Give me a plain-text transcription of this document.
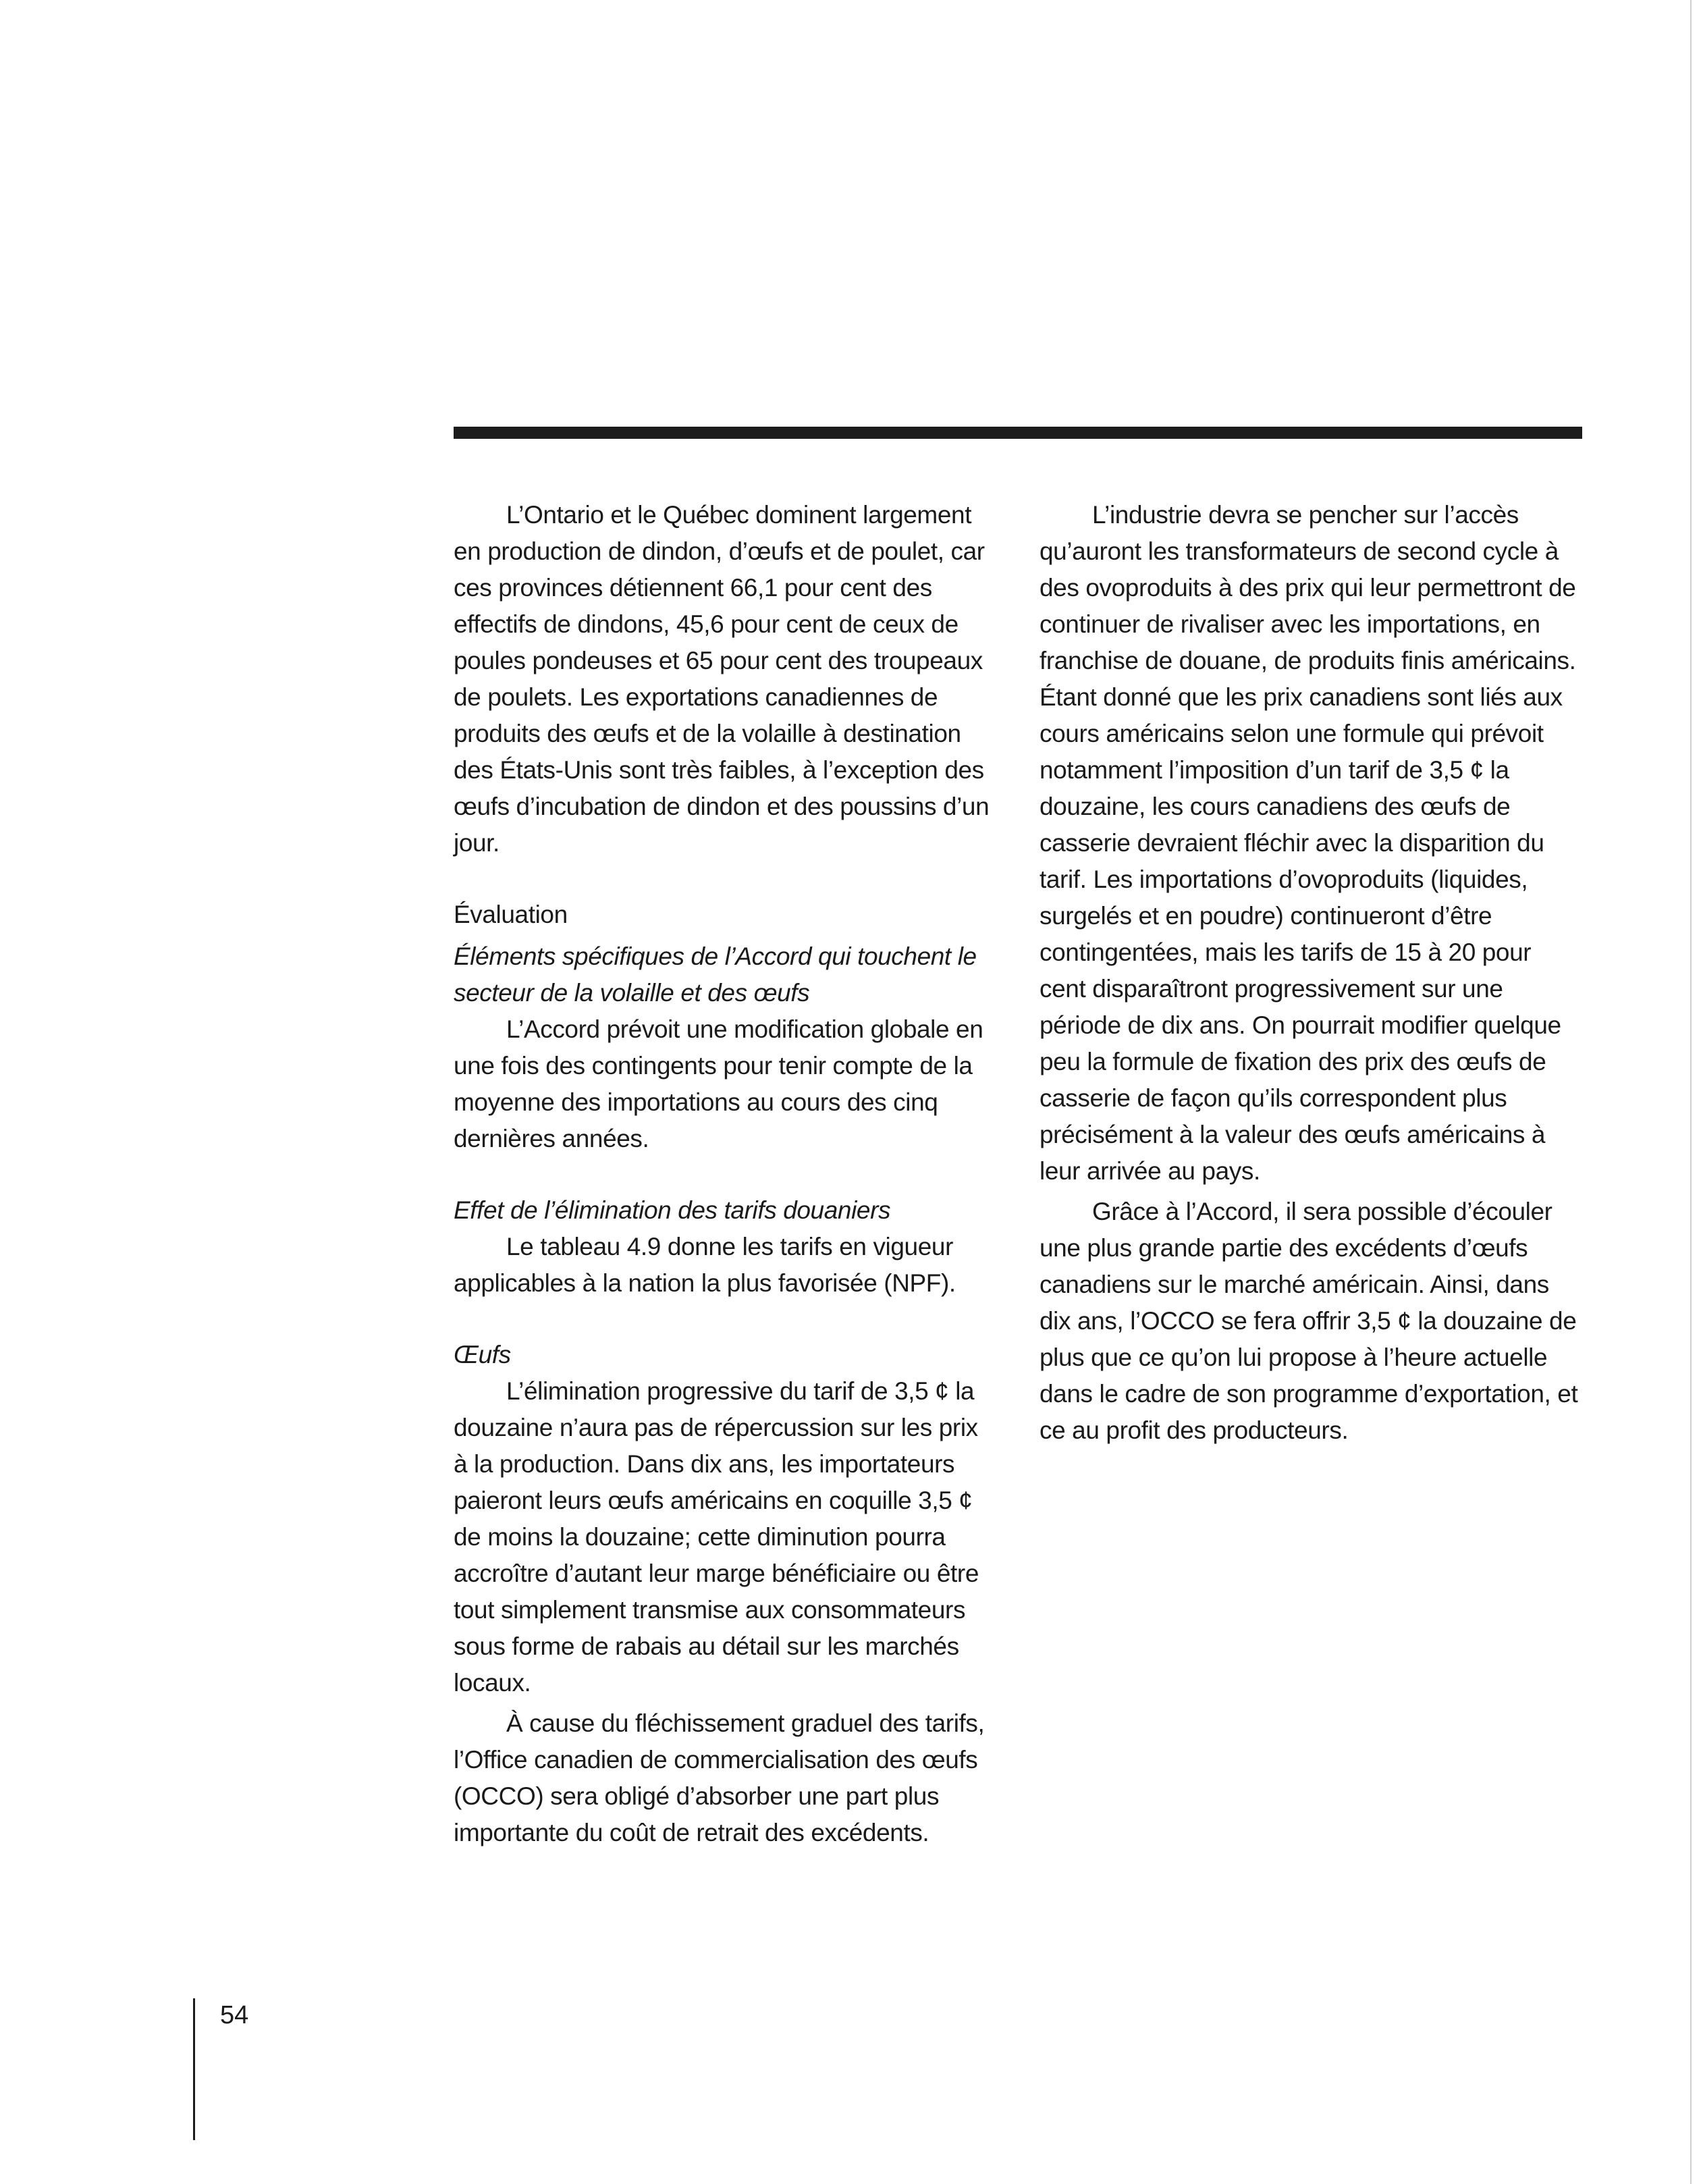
L’Ontario et le Québec dominent largement en production de dindon, d’œufs et de poulet, car ces provinces détiennent 66,1 pour cent des effectifs de dindons, 45,6 pour cent de ceux de poules pondeuses et 65 pour cent des troupeaux de poulets. Les exportations canadiennes de produits des œufs et de la volaille à destination des États-Unis sont très faibles, à l’exception des œufs d’incubation de dindon et des poussins d’un jour.

Évaluation

Éléments spécifiques de l’Accord qui touchent le secteur de la volaille et des œufs

L’Accord prévoit une modification globale en une fois des contingents pour tenir compte de la moyenne des importations au cours des cinq dernières années.

Effet de l’élimination des tarifs douaniers

Le tableau 4.9 donne les tarifs en vigueur applicables à la nation la plus favorisée (NPF).

Œufs

L’élimination progressive du tarif de 3,5 ¢ la douzaine n’aura pas de répercussion sur les prix à la production. Dans dix ans, les importateurs paieront leurs œufs américains en coquille 3,5 ¢ de moins la douzaine; cette diminution pourra accroître d’autant leur marge bénéficiaire ou être tout simplement transmise aux consommateurs sous forme de rabais au détail sur les marchés locaux.

À cause du fléchissement graduel des tarifs, l’Office canadien de commercialisation des œufs (OCCO) sera obligé d’absorber une part plus importante du coût de retrait des excédents.

L’industrie devra se pencher sur l’accès qu’auront les transformateurs de second cycle à des ovoproduits à des prix qui leur permettront de continuer de rivaliser avec les importations, en franchise de douane, de produits finis américains. Étant donné que les prix canadiens sont liés aux cours américains selon une formule qui prévoit notamment l’imposition d’un tarif de 3,5 ¢ la douzaine, les cours canadiens des œufs de casserie devraient fléchir avec la disparition du tarif. Les importations d’ovoproduits (liquides, surgelés et en poudre) continueront d’être contingentées, mais les tarifs de 15 à 20 pour cent disparaîtront progressivement sur une période de dix ans. On pourrait modifier quelque peu la formule de fixation des prix des œufs de casserie de façon qu’ils correspondent plus précisément à la valeur des œufs américains à leur arrivée au pays.

Grâce à l’Accord, il sera possible d’écouler une plus grande partie des excédents d’œufs canadiens sur le marché américain. Ainsi, dans dix ans, l’OCCO se fera offrir 3,5 ¢ la douzaine de plus que ce qu’on lui propose à l’heure actuelle dans le cadre de son programme d’exportation, et ce au profit des producteurs.

54
